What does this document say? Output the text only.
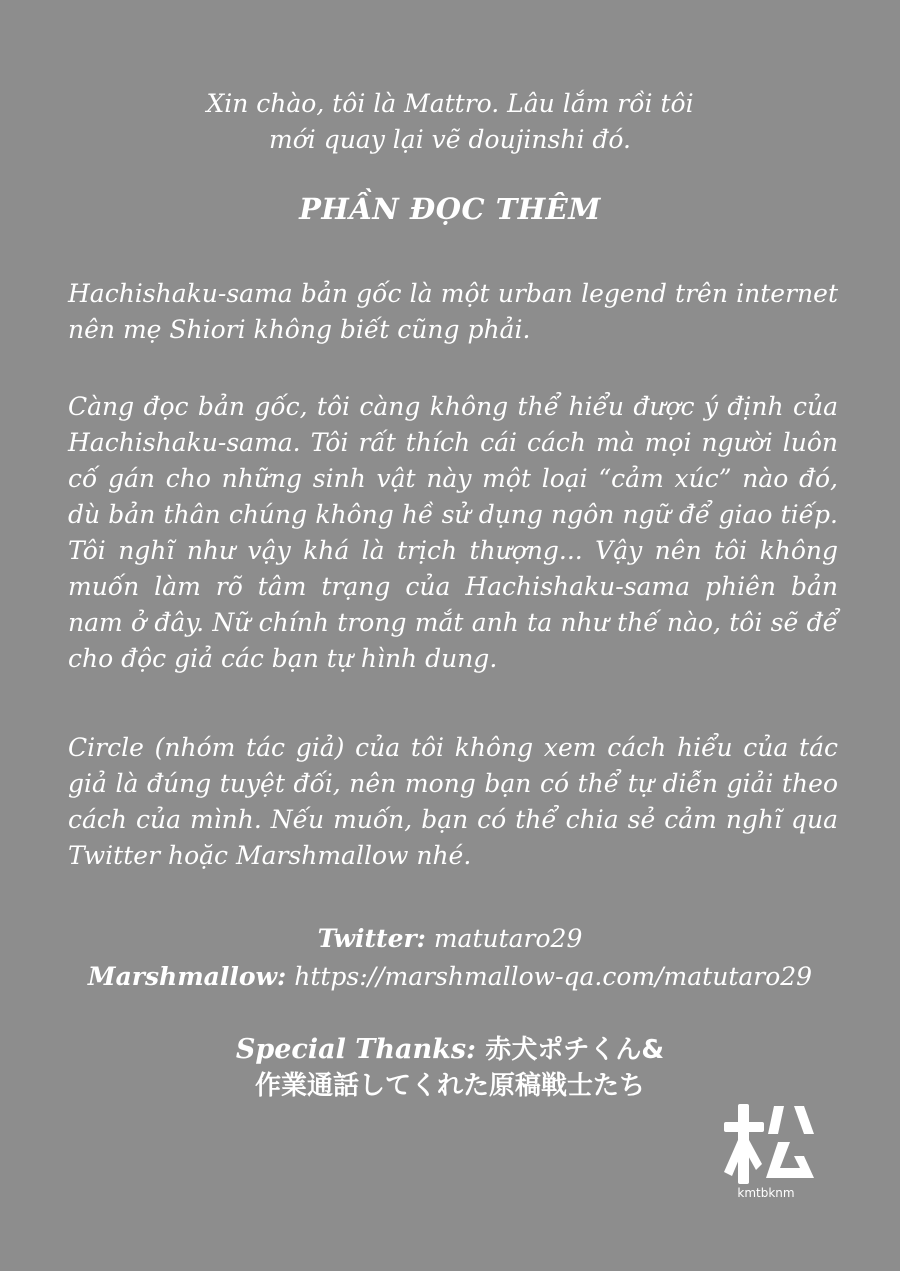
Xin chào, tôi là Mattro. Lâu lắm rồi tôi
mới quay lại vẽ doujinshi đó.

PHẦN ĐỌC THÊM

Hachishaku-sama bản gốc là một urban legend trên internet nên mẹ Shiori không biết cũng phải.

Càng đọc bản gốc, tôi càng không thể hiểu được ý định của Hachishaku-sama. Tôi rất thích cái cách mà mọi người luôn cố gán cho những sinh vật này một loại “cảm xúc” nào đó, dù bản thân chúng không hề sử dụng ngôn ngữ để giao tiếp. Tôi nghĩ như vậy khá là trịch thượng... Vậy nên tôi không muốn làm rõ tâm trạng của Hachishaku-sama phiên bản nam ở đây. Nữ chính trong mắt anh ta như thế nào, tôi sẽ để cho độc giả các bạn tự hình dung.

Circle (nhóm tác giả) của tôi không xem cách hiểu của tác giả là đúng tuyệt đối, nên mong bạn có thể tự diễn giải theo cách của mình. Nếu muốn, bạn có thể chia sẻ cảm nghĩ qua Twitter hoặc Marshmallow nhé.

Twitter: matutaro29
Marshmallow: https://marshmallow-qa.com/matutaro29
Special Thanks: 赤犬ポチくん&
作業通話してくれた原稿戦士たち
kmtbknm
